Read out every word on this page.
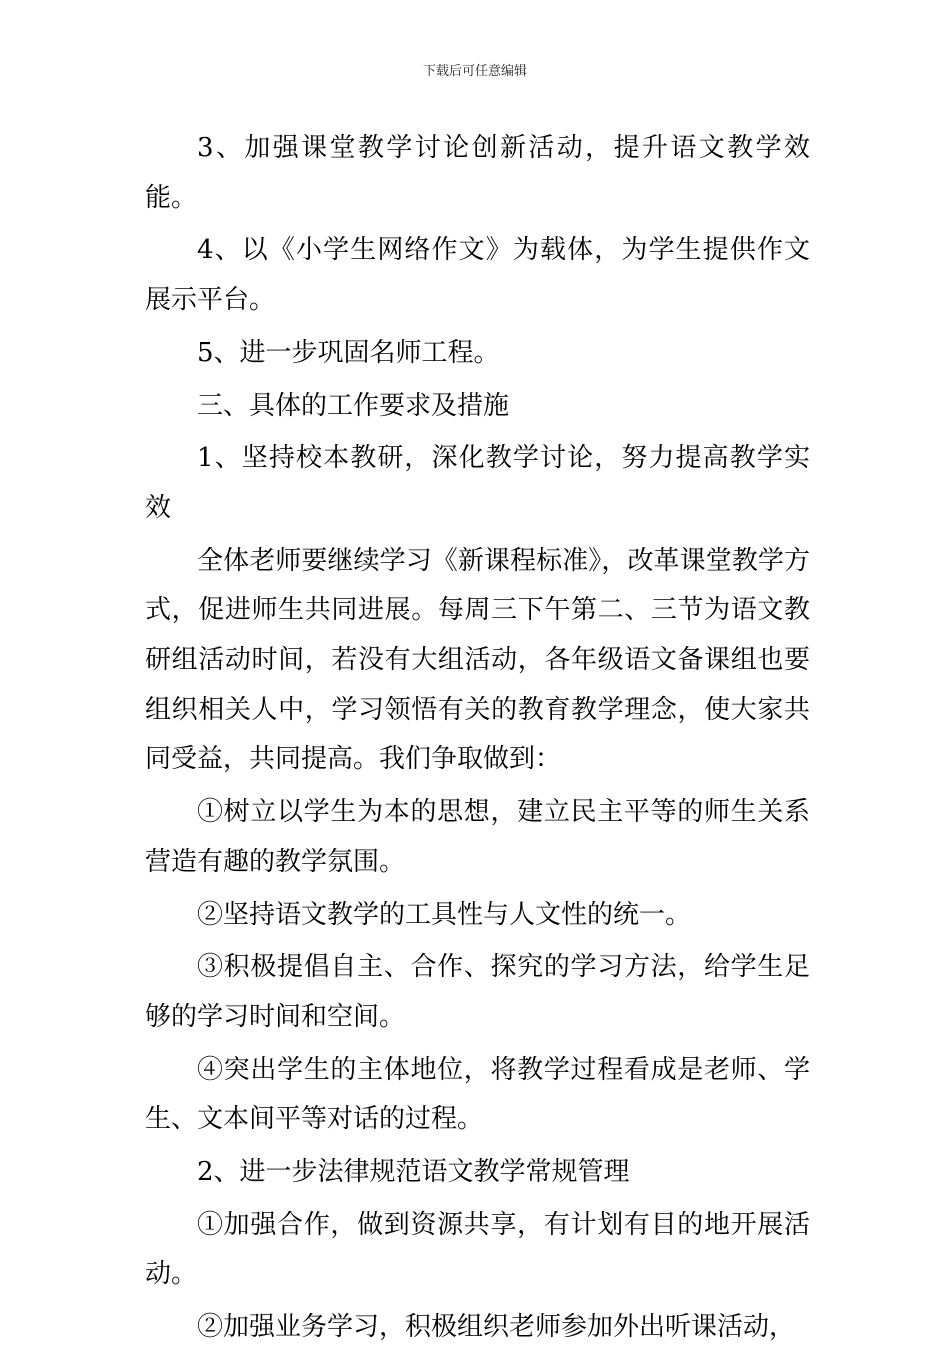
下载后可任意编辑

3、加强课堂教学讨论创新活动，提升语文教学效能。

4、以《小学生网络作文》为载体，为学生提供作文展示平台。

5、进一步巩固名师工程。

三、具体的工作要求及措施

1、坚持校本教研，深化教学讨论，努力提高教学实效

全体老师要继续学习《新课程标准》，改革课堂教学方式，促进师生共同进展。每周三下午第二、三节为语文教研组活动时间，若没有大组活动，各年级语文备课组也要组织相关人中，学习领悟有关的教育教学理念，使大家共同受益，共同提高。我们争取做到：

①树立以学生为本的思想，建立民主平等的师生关系营造有趣的教学氛围。

②坚持语文教学的工具性与人文性的统一。

③积极提倡自主、合作、探究的学习方法，给学生足够的学习时间和空间。

④突出学生的主体地位，将教学过程看成是老师、学生、文本间平等对话的过程。

2、进一步法律规范语文教学常规管理

①加强合作，做到资源共享，有计划有目的地开展活动。

②加强业务学习，积极组织老师参加外出听课活动，
